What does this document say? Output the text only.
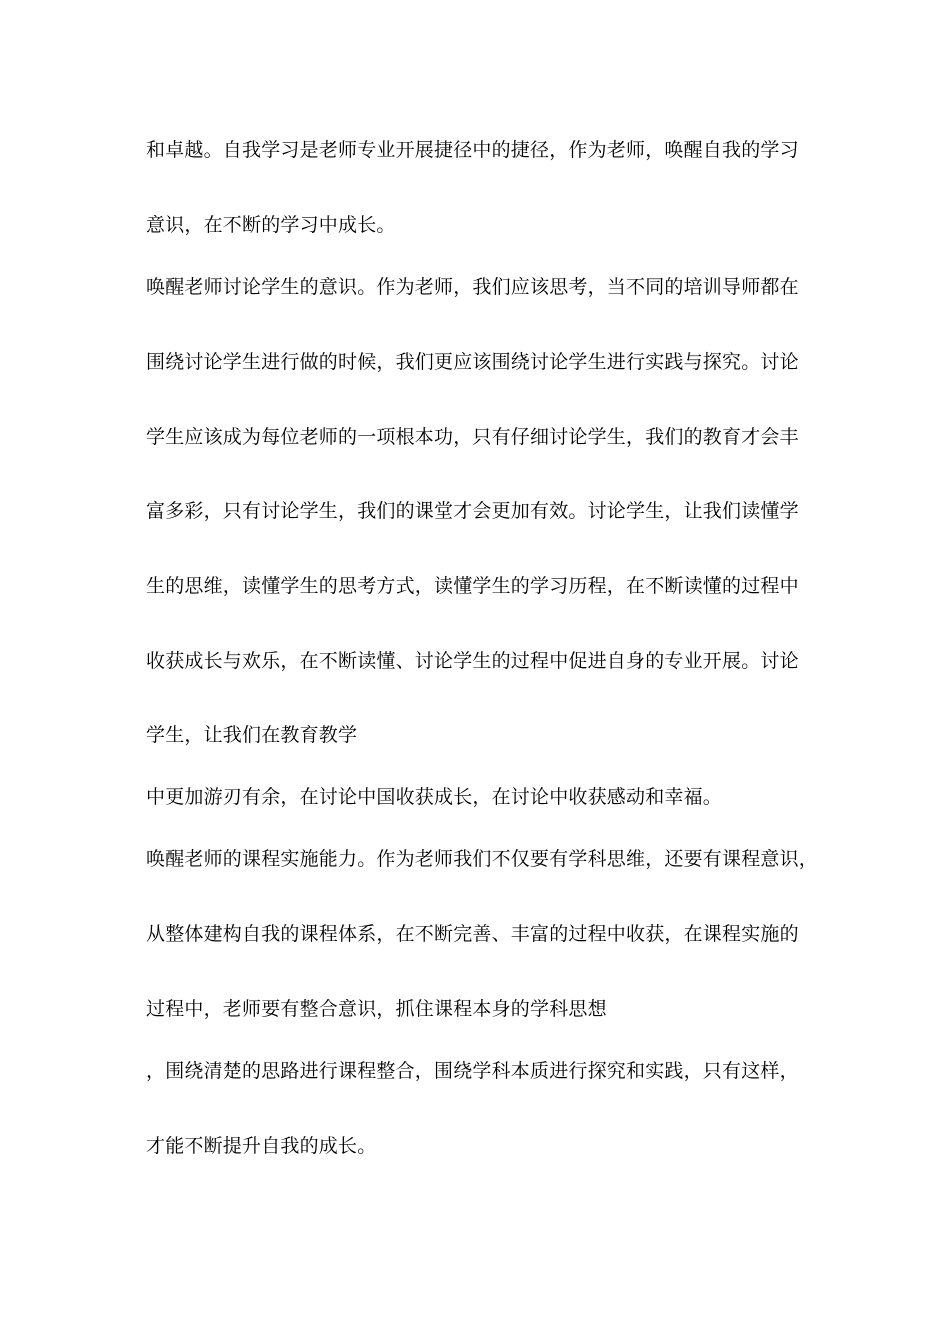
和卓越。自我学习是老师专业开展捷径中的捷径，作为老师，唤醒自我的学习
意识，在不断的学习中成长。
唤醒老师讨论学生的意识。作为老师，我们应该思考，当不同的培训导师都在
围绕讨论学生进行做的时候，我们更应该围绕讨论学生进行实践与探究。讨论
学生应该成为每位老师的一项根本功，只有仔细讨论学生，我们的教育才会丰
富多彩，只有讨论学生，我们的课堂才会更加有效。讨论学生，让我们读懂学
生的思维，读懂学生的思考方式，读懂学生的学习历程，在不断读懂的过程中
收获成长与欢乐，在不断读懂、讨论学生的过程中促进自身的专业开展。讨论
学生，让我们在教育教学
中更加游刃有余，在讨论中国收获成长，在讨论中收获感动和幸福。
唤醒老师的课程实施能力。作为老师我们不仅要有学科思维，还要有课程意识，
从整体建构自我的课程体系，在不断完善、丰富的过程中收获，在课程实施的
过程中，老师要有整合意识，抓住课程本身的学科思想
，围绕清楚的思路进行课程整合，围绕学科本质进行探究和实践，只有这样，
才能不断提升自我的成长。
